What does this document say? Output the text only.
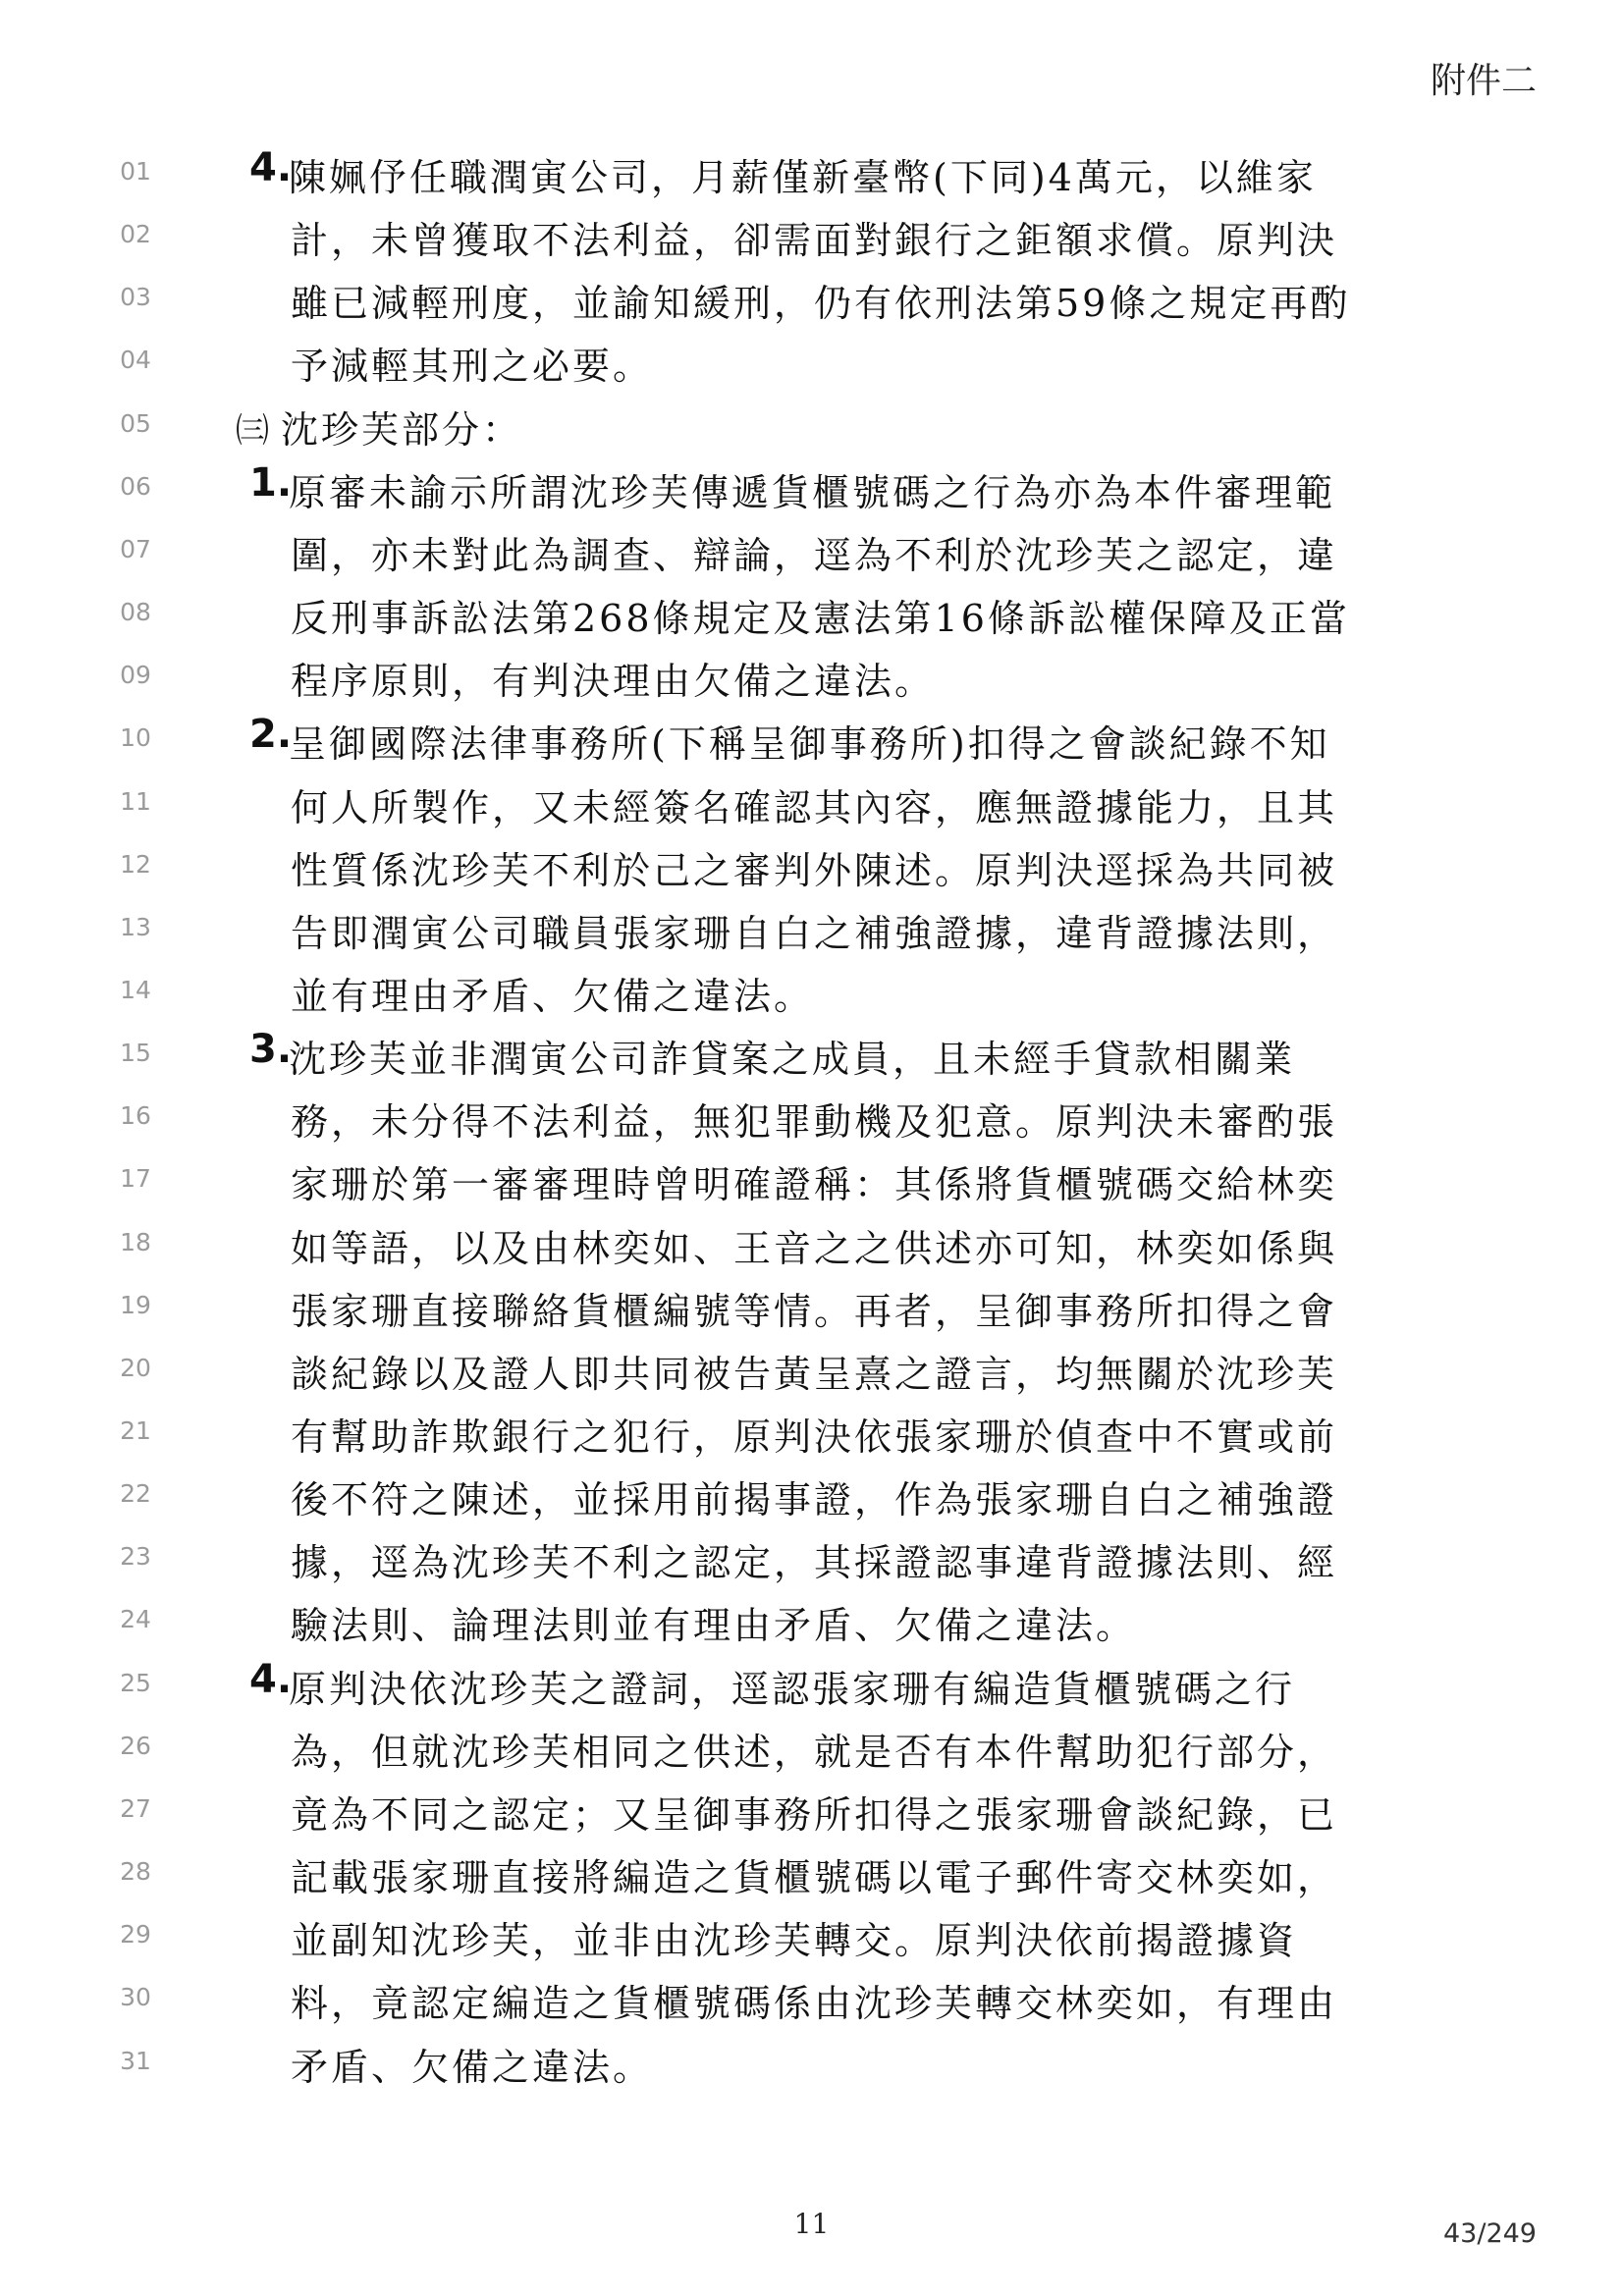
附件二
01	4.
陳姵伃任職潤寅公司，月薪僅新臺幣(下同)4萬元，以維家
02	計，未曾獲取不法利益，卻需面對銀行之鉅額求償。原判決
03	雖已減輕刑度，並諭知緩刑，仍有依刑法第59條之規定再酌
04	予減輕其刑之必要。
05	㈢ 沈珍芙部分：
06	1.
原審未諭示所謂沈珍芙傳遞貨櫃號碼之行為亦為本件審理範
07	圍，亦未對此為調查、辯論，逕為不利於沈珍芙之認定，違
08	反刑事訴訟法第268條規定及憲法第16條訴訟權保障及正當
09	程序原則，有判決理由欠備之違法。
10	2.
呈御國際法律事務所(下稱呈御事務所)扣得之會談紀錄不知
11	何人所製作，又未經簽名確認其內容，應無證據能力，且其
12	性質係沈珍芙不利於己之審判外陳述。原判決逕採為共同被
13	告即潤寅公司職員張家珊自白之補強證據，違背證據法則，
14	並有理由矛盾、欠備之違法。
15	3.
沈珍芙並非潤寅公司詐貸案之成員，且未經手貸款相關業
16	務，未分得不法利益，無犯罪動機及犯意。原判決未審酌張
17	家珊於第一審審理時曾明確證稱：其係將貨櫃號碼交給林奕
18	如等語，以及由林奕如、王音之之供述亦可知，林奕如係與
19	張家珊直接聯絡貨櫃編號等情。再者，呈御事務所扣得之會
20	談紀錄以及證人即共同被告黃呈熹之證言，均無關於沈珍芙
21	有幫助詐欺銀行之犯行，原判決依張家珊於偵查中不實或前
22	後不符之陳述，並採用前揭事證，作為張家珊自白之補強證
23	據，逕為沈珍芙不利之認定，其採證認事違背證據法則、經
24	驗法則、論理法則並有理由矛盾、欠備之違法。
25	4.
原判決依沈珍芙之證詞，逕認張家珊有編造貨櫃號碼之行
26	為，但就沈珍芙相同之供述，就是否有本件幫助犯行部分，
27	竟為不同之認定；又呈御事務所扣得之張家珊會談紀錄，已
28	記載張家珊直接將編造之貨櫃號碼以電子郵件寄交林奕如，
29	並副知沈珍芙，並非由沈珍芙轉交。原判決依前揭證據資
30	料，竟認定編造之貨櫃號碼係由沈珍芙轉交林奕如，有理由
31	矛盾、欠備之違法。
11	43/249
